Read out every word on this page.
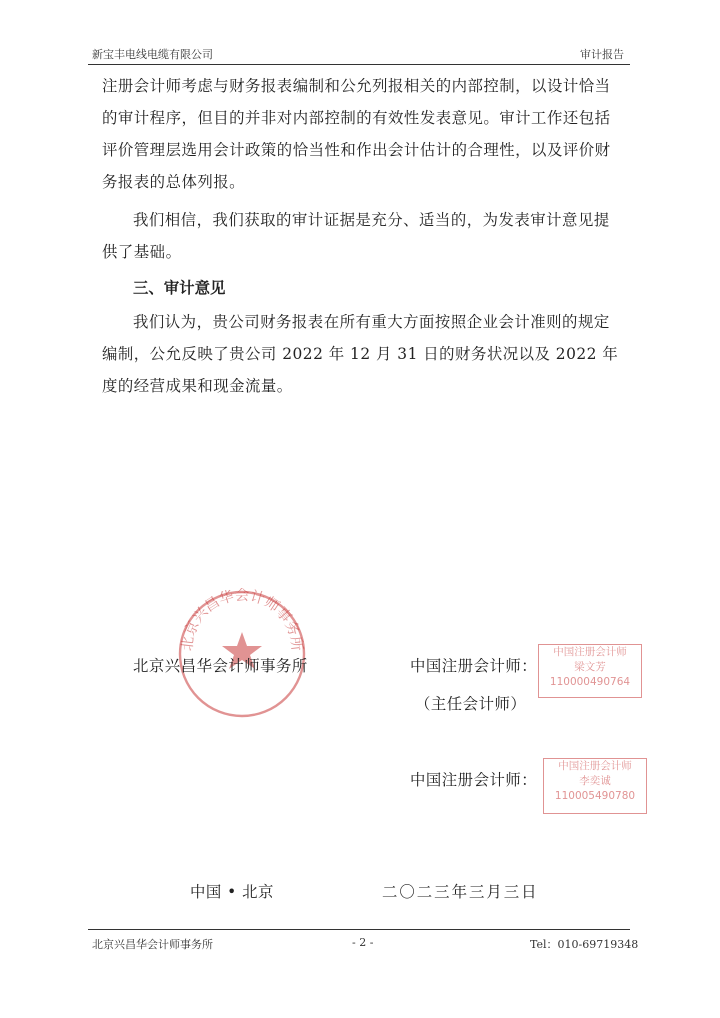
新宝丰电线电缆有限公司	审计报告

注册会计师考虑与财务报表编制和公允列报相关的内部控制，以设计恰当的审计程序，但目的并非对内部控制的有效性发表意见。审计工作还包括评价管理层选用会计政策的恰当性和作出会计估计的合理性，以及评价财务报表的总体列报。

我们相信，我们获取的审计证据是充分、适当的，为发表审计意见提供了基础。

三、审计意见

我们认为，贵公司财务报表在所有重大方面按照企业会计准则的规定编制，公允反映了贵公司 2022 年 12 月 31 日的财务状况以及 2022 年度的经营成果和现金流量。

北京兴昌华会计师事务所
北京兴昌华会计师事务所	中国注册会计师：
中国注册会计师
梁文芳
110000490764
（主任会计师）
中国注册会计师：
中国注册会计师
李奕诚
110005490780
中国 • 北京	二〇二三年三月三日
北京兴昌华会计师事务所	- 2 -	Tel：010-69719348
